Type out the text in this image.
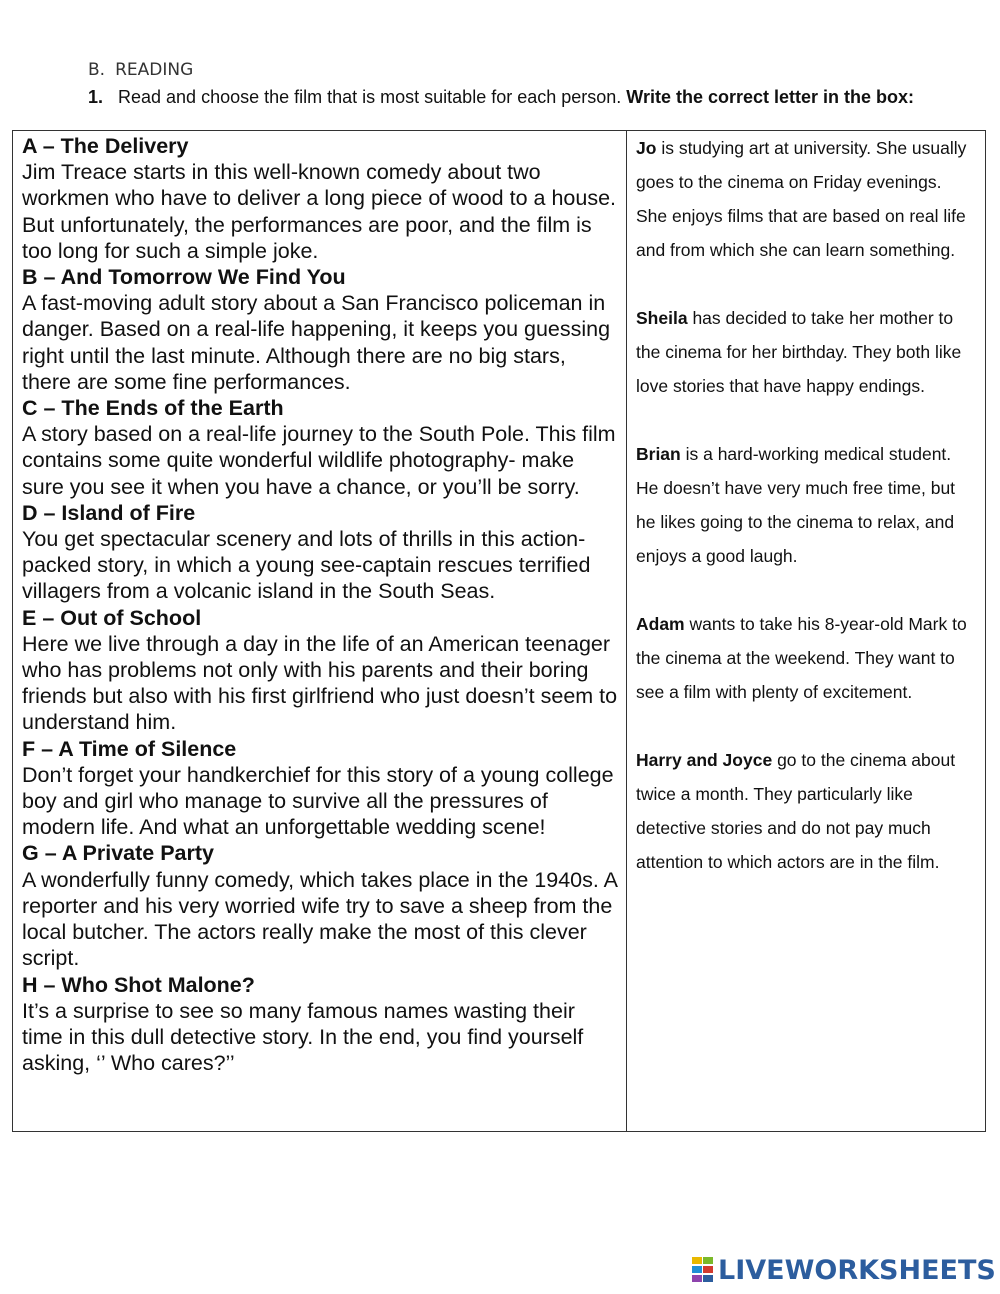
B. READING
1. Read and choose the film that is most suitable for each person. Write the correct letter in the box:
A – The Delivery
Jim Treace starts in this well-known comedy about two workmen who have to deliver a long piece of wood to a house. But unfortunately, the performances are poor, and the film is too long for such a simple joke.
B – And Tomorrow We Find You
A fast-moving adult story about a San Francisco policeman in danger. Based on a real-life happening, it keeps you guessing right until the last minute. Although there are no big stars, there are some fine performances.
C – The Ends of the Earth
A story based on a real-life journey to the South Pole. This film contains some quite wonderful wildlife photography- make sure you see it when you have a chance, or you’ll be sorry.
D – Island of Fire
You get spectacular scenery and lots of thrills in this action-packed story, in which a young see-captain rescues terrified villagers from a volcanic island in the South Seas.
E – Out of School
Here we live through a day in the life of an American teenager who has problems not only with his parents and their boring friends but also with his first girlfriend who just doesn’t seem to understand him.
F – A Time of Silence
Don’t forget your handkerchief for this story of a young college boy and girl who manage to survive all the pressures of modern life. And what an unforgettable wedding scene!
G – A Private Party
A wonderfully funny comedy, which takes place in the 1940s. A reporter and his very worried wife try to save a sheep from the local butcher. The actors really make the most of this clever script.
H – Who Shot Malone?
It’s a surprise to see so many famous names wasting their time in this dull detective story. In the end, you find yourself asking, ‘’ Who cares?’’
Jo is studying art at university. She usually goes to the cinema on Friday evenings. She enjoys films that are based on real life and from which she can learn something.
Sheila has decided to take her mother to the cinema for her birthday. They both like love stories that have happy endings.
Brian is a hard-working medical student. He doesn’t have very much free time, but he likes going to the cinema to relax, and enjoys a good laugh.
Adam wants to take his 8-year-old Mark to the cinema at the weekend. They want to see a film with plenty of excitement.
Harry and Joyce go to the cinema about twice a month. They particularly like detective stories and do not pay much attention to which actors are in the film.
LIVEWORKSHEETS
